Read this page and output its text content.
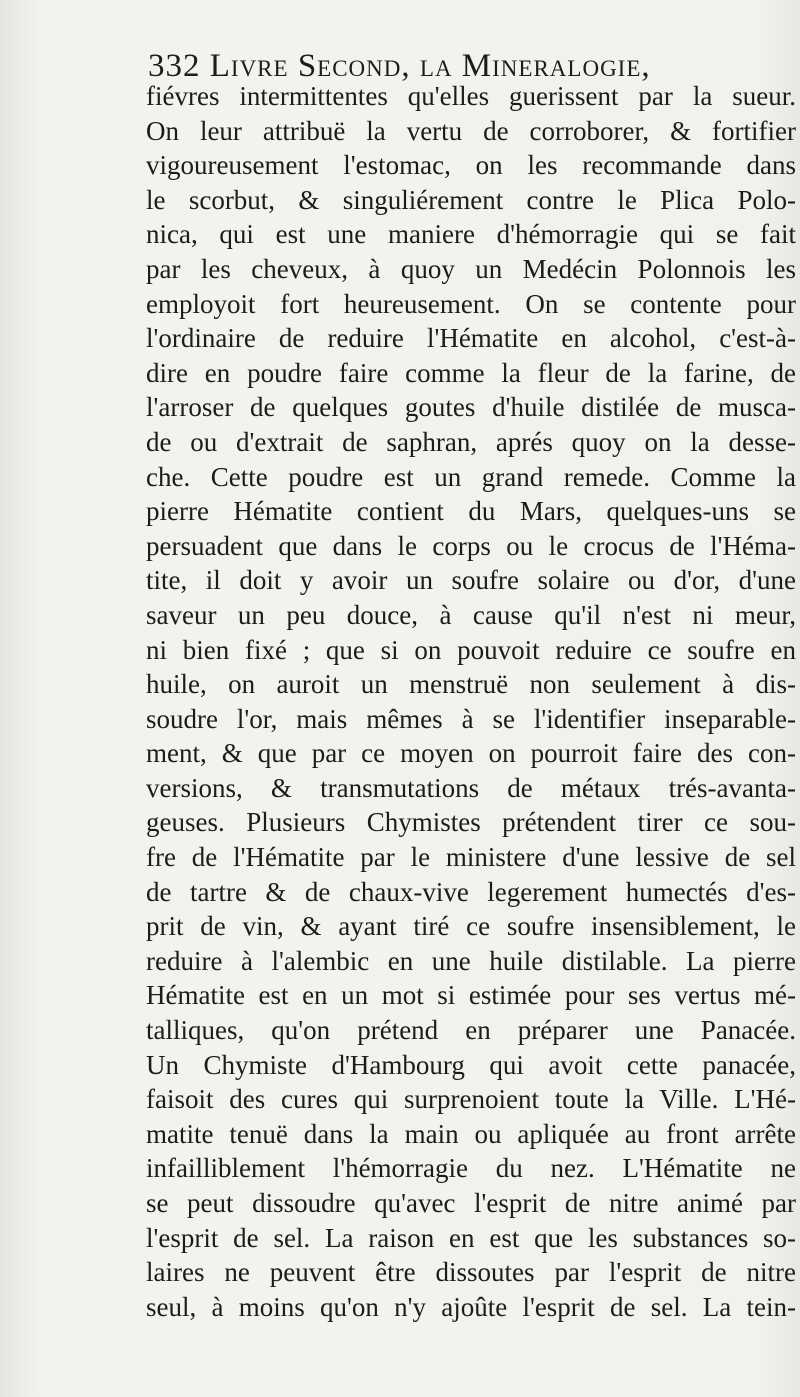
332 Livre Second, la Mineralogie,
fiévres intermittentes qu'elles guerissent par la sueur.
On leur attribuë la vertu de corroborer, & fortifier
vigoureusement l'estomac, on les recommande dans
le scorbut, & singuliérement contre le Plica Polo-
nica, qui est une maniere d'hémorragie qui se fait
par les cheveux, à quoy un Medécin Polonnois les
employoit fort heureusement. On se contente pour
l'ordinaire de reduire l'Hématite en alcohol, c'est-à-
dire en poudre faire comme la fleur de la farine, de
l'arroser de quelques goutes d'huile distilée de musca-
de ou d'extrait de saphran, aprés quoy on la desse-
che. Cette poudre est un grand remede. Comme la
pierre Hématite contient du Mars, quelques-uns se
persuadent que dans le corps ou le crocus de l'Héma-
tite, il doit y avoir un soufre solaire ou d'or, d'une
saveur un peu douce, à cause qu'il n'est ni meur,
ni bien fixé ; que si on pouvoit reduire ce soufre en
huile, on auroit un menstruë non seulement à dis-
soudre l'or, mais mêmes à se l'identifier inseparable-
ment, & que par ce moyen on pourroit faire des con-
versions, & transmutations de métaux trés-avanta-
geuses. Plusieurs Chymistes prétendent tirer ce sou-
fre de l'Hématite par le ministere d'une lessive de sel
de tartre & de chaux-vive legerement humectés d'es-
prit de vin, & ayant tiré ce soufre insensiblement, le
reduire à l'alembic en une huile distilable. La pierre
Hématite est en un mot si estimée pour ses vertus mé-
talliques, qu'on prétend en préparer une Panacée.
Un Chymiste d'Hambourg qui avoit cette panacée,
faisoit des cures qui surprenoient toute la Ville. L'Hé-
matite tenuë dans la main ou apliquée au front arrête
infailliblement l'hémorragie du nez. L'Hématite ne
se peut dissoudre qu'avec l'esprit de nitre animé par
l'esprit de sel. La raison en est que les substances so-
laires ne peuvent être dissoutes par l'esprit de nitre
seul, à moins qu'on n'y ajoûte l'esprit de sel. La tein-
